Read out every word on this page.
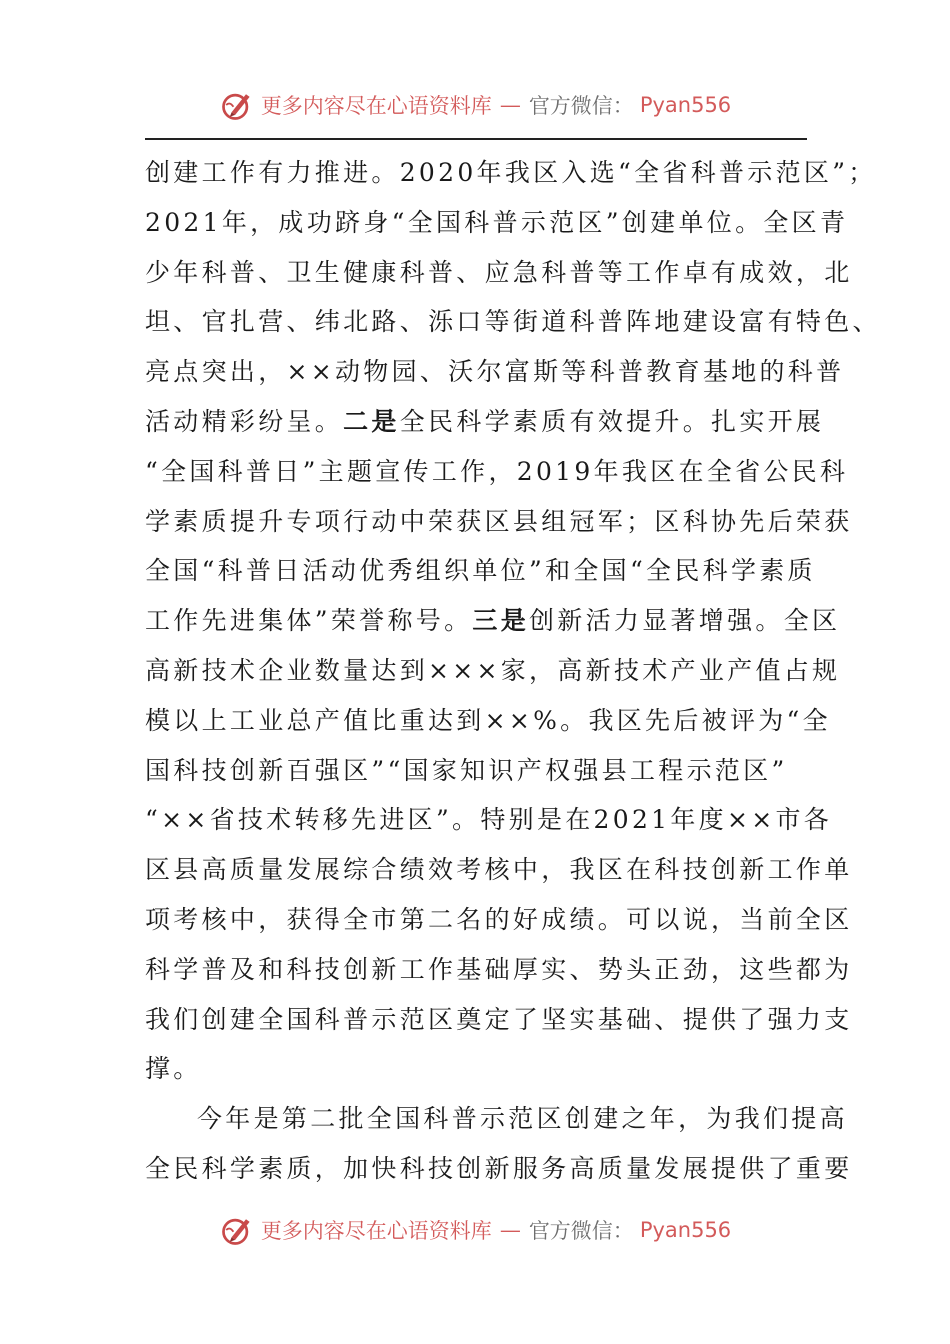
更多内容尽在心语资料库 — 官方微信： Pyan556
创建工作有力推进。2020年我区入选“全省科普示范区”；
2021年，成功跻身“全国科普示范区”创建单位。全区青
少年科普、卫生健康科普、应急科普等工作卓有成效，北
坦、官扎营、纬北路、泺口等街道科普阵地建设富有特色、
亮点突出，××动物园、沃尔富斯等科普教育基地的科普
活动精彩纷呈。二是全民科学素质有效提升。扎实开展
“全国科普日”主题宣传工作，2019年我区在全省公民科
学素质提升专项行动中荣获区县组冠军；区科协先后荣获
全国“科普日活动优秀组织单位”和全国“全民科学素质
工作先进集体”荣誉称号。三是创新活力显著增强。全区
高新技术企业数量达到×××家，高新技术产业产值占规
模以上工业总产值比重达到××%。我区先后被评为“全
国科技创新百强区”“国家知识产权强县工程示范区”
“××省技术转移先进区”。特别是在2021年度××市各
区县高质量发展综合绩效考核中，我区在科技创新工作单
项考核中，获得全市第二名的好成绩。可以说，当前全区
科学普及和科技创新工作基础厚实、势头正劲，这些都为
我们创建全国科普示范区奠定了坚实基础、提供了强力支
撑。
今年是第二批全国科普示范区创建之年，为我们提高
全民科学素质，加快科技创新服务高质量发展提供了重要
更多内容尽在心语资料库 — 官方微信： Pyan556
